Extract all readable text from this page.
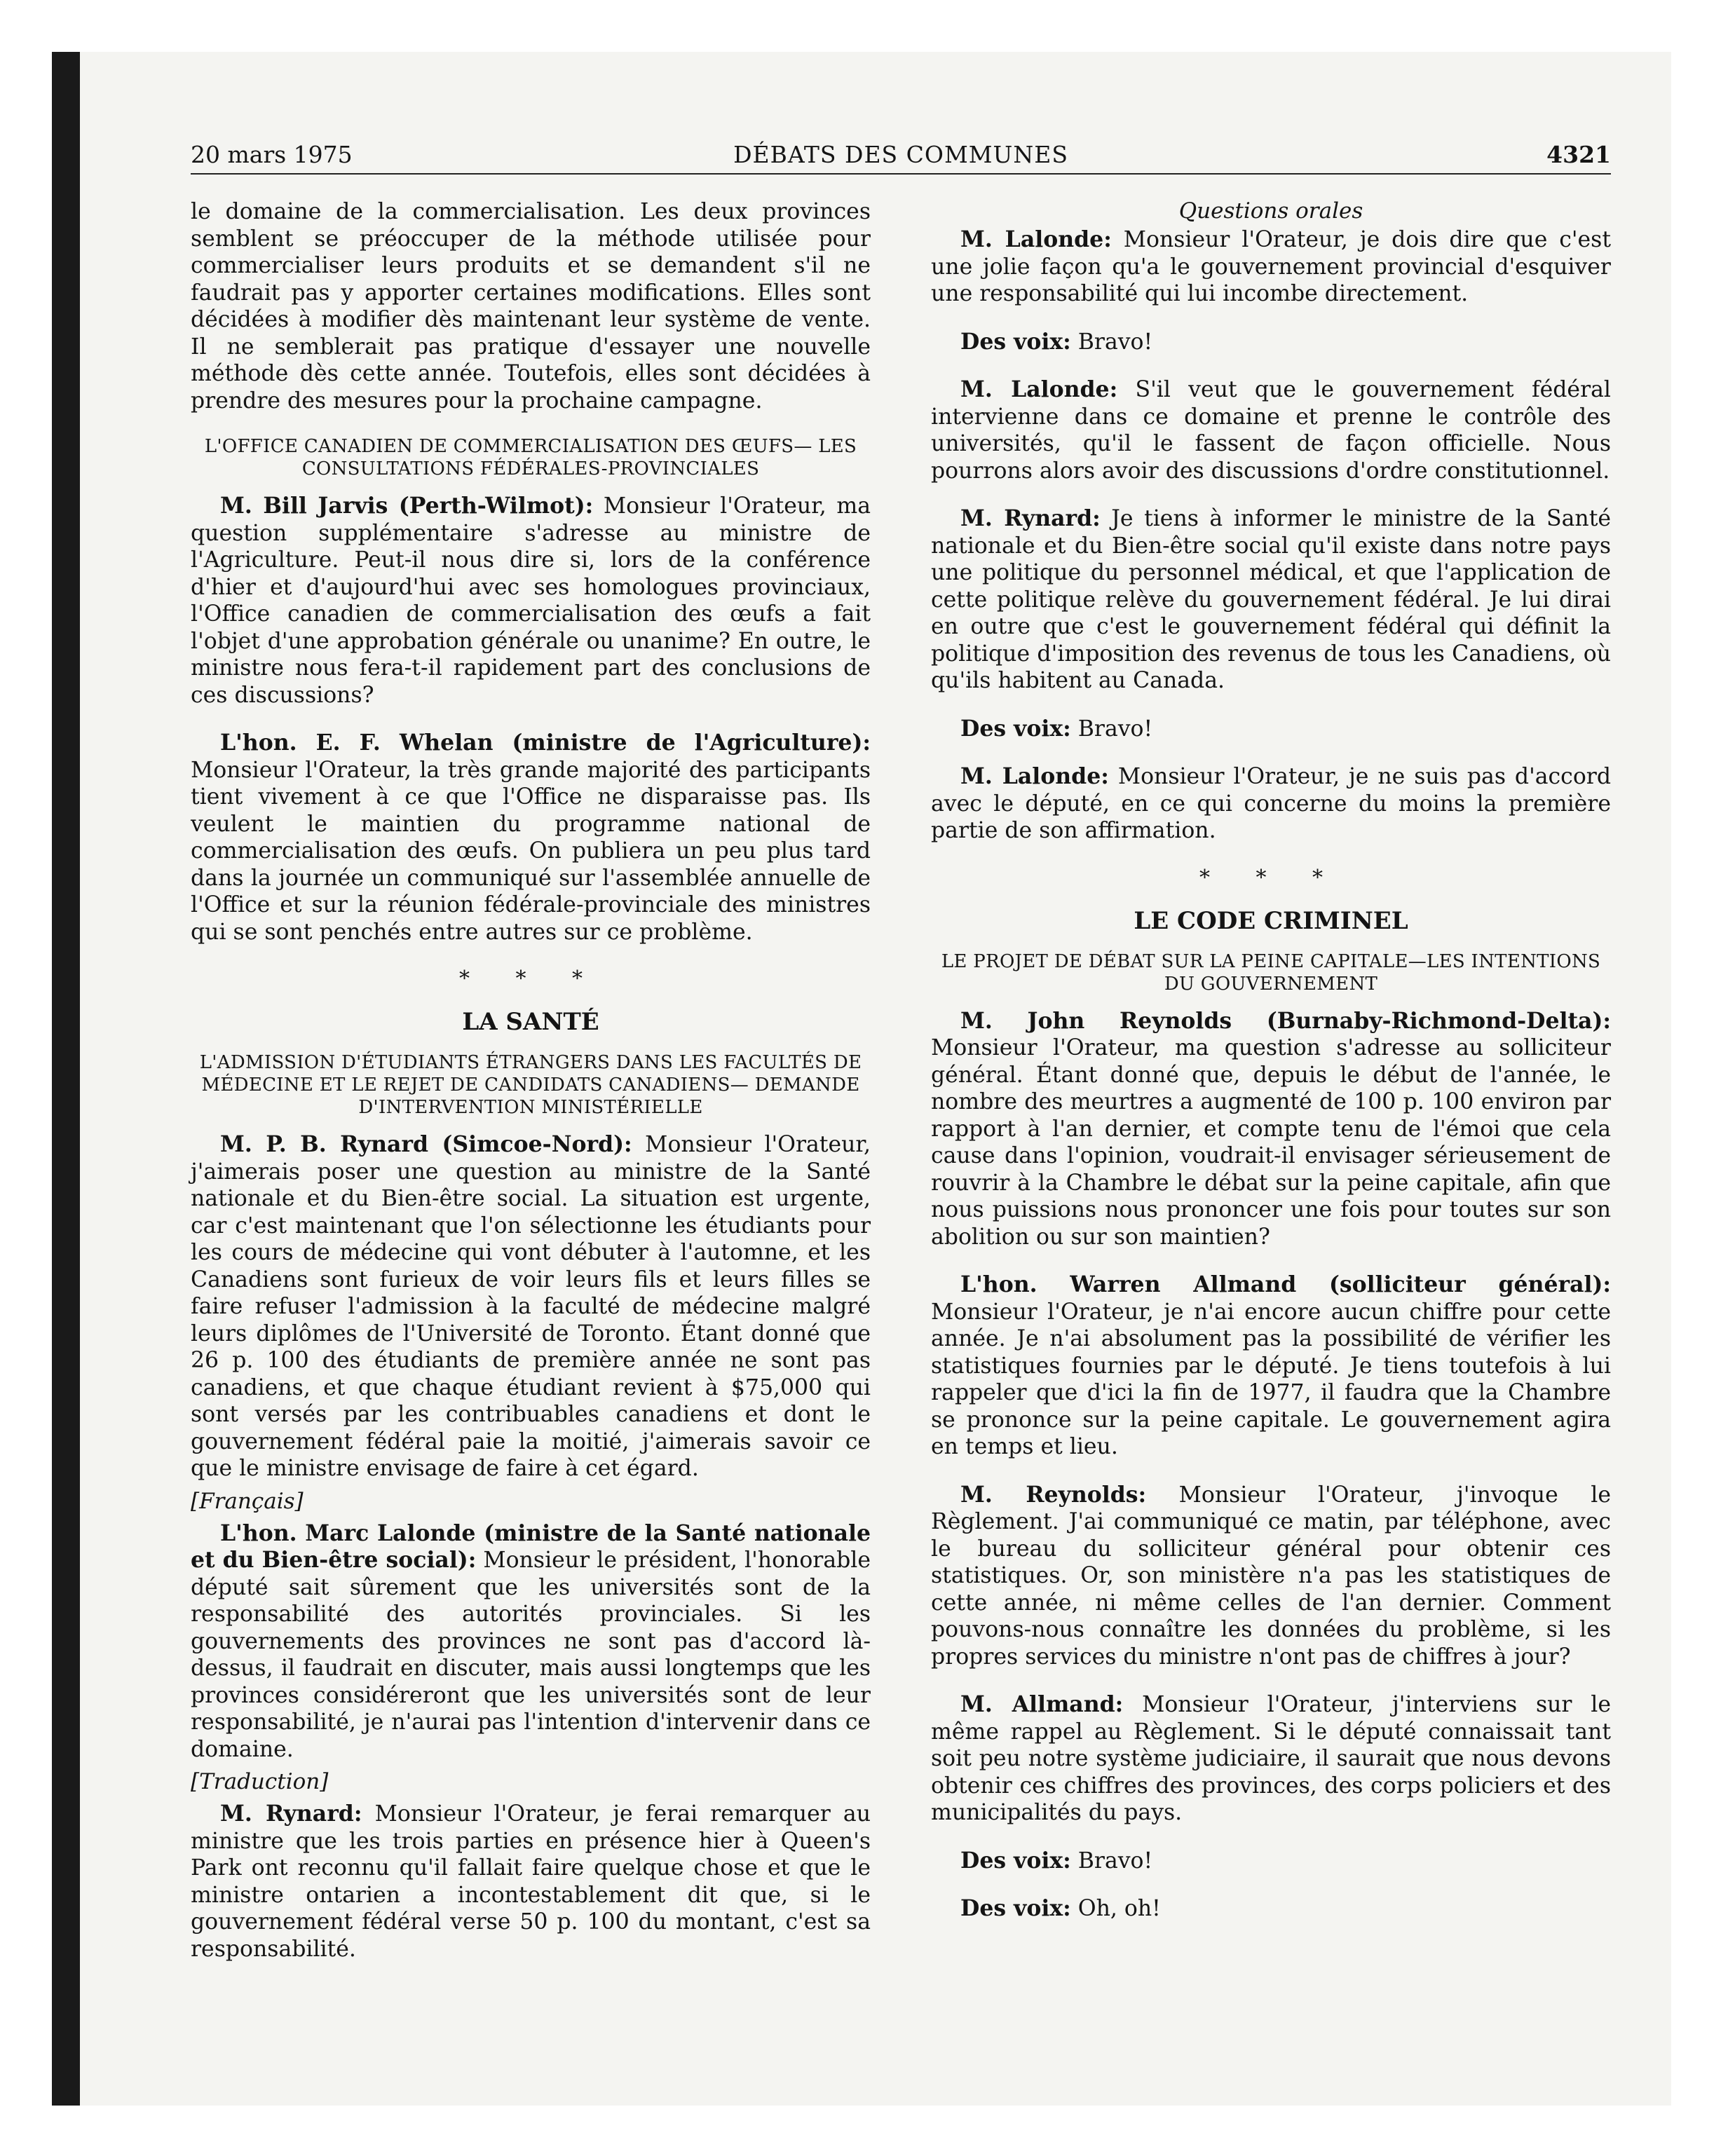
20 mars 1975	DÉBATS DES COMMUNES	4321

le domaine de la commercialisation. Les deux provinces semblent se préoccuper de la méthode utilisée pour commercialiser leurs produits et se demandent s'il ne faudrait pas y apporter certaines modifications. Elles sont décidées à modifier dès maintenant leur système de vente. Il ne semblerait pas pratique d'essayer une nouvelle méthode dès cette année. Toutefois, elles sont décidées à prendre des mesures pour la prochaine campagne.

L'OFFICE CANADIEN DE COMMERCIALISATION DES ŒUFS— LES CONSULTATIONS FÉDÉRALES-PROVINCIALES

M. Bill Jarvis (Perth-Wilmot): Monsieur l'Orateur, ma question supplémentaire s'adresse au ministre de l'Agriculture. Peut-il nous dire si, lors de la conférence d'hier et d'aujourd'hui avec ses homologues provinciaux, l'Office canadien de commercialisation des œufs a fait l'objet d'une approbation générale ou unanime? En outre, le ministre nous fera-t-il rapidement part des conclusions de ces discussions?

L'hon. E. F. Whelan (ministre de l'Agriculture): Monsieur l'Orateur, la très grande majorité des participants tient vivement à ce que l'Office ne disparaisse pas. Ils veulent le maintien du programme national de commercialisation des œufs. On publiera un peu plus tard dans la journée un communiqué sur l'assemblée annuelle de l'Office et sur la réunion fédérale-provinciale des ministres qui se sont penchés entre autres sur ce problème.

* * *
LA SANTÉ
L'ADMISSION D'ÉTUDIANTS ÉTRANGERS DANS LES FACULTÉS DE MÉDECINE ET LE REJET DE CANDIDATS CANADIENS— DEMANDE D'INTERVENTION MINISTÉRIELLE

M. P. B. Rynard (Simcoe-Nord): Monsieur l'Orateur, j'aimerais poser une question au ministre de la Santé nationale et du Bien-être social. La situation est urgente, car c'est maintenant que l'on sélectionne les étudiants pour les cours de médecine qui vont débuter à l'automne, et les Canadiens sont furieux de voir leurs fils et leurs filles se faire refuser l'admission à la faculté de médecine malgré leurs diplômes de l'Université de Toronto. Étant donné que 26 p. 100 des étudiants de première année ne sont pas canadiens, et que chaque étudiant revient à $75,000 qui sont versés par les contribuables canadiens et dont le gouvernement fédéral paie la moitié, j'aimerais savoir ce que le ministre envisage de faire à cet égard.

[Français]

L'hon. Marc Lalonde (ministre de la Santé nationale et du Bien-être social): Monsieur le président, l'honorable député sait sûrement que les universités sont de la responsabilité des autorités provinciales. Si les gouvernements des provinces ne sont pas d'accord là-dessus, il faudrait en discuter, mais aussi longtemps que les provinces considéreront que les universités sont de leur responsabilité, je n'aurai pas l'intention d'intervenir dans ce domaine.

[Traduction]

M. Rynard: Monsieur l'Orateur, je ferai remarquer au ministre que les trois parties en présence hier à Queen's Park ont reconnu qu'il fallait faire quelque chose et que le ministre ontarien a incontestablement dit que, si le gouvernement fédéral verse 50 p. 100 du montant, c'est sa responsabilité.

Questions orales

M. Lalonde: Monsieur l'Orateur, je dois dire que c'est une jolie façon qu'a le gouvernement provincial d'esquiver une responsabilité qui lui incombe directement.

Des voix: Bravo!

M. Lalonde: S'il veut que le gouvernement fédéral intervienne dans ce domaine et prenne le contrôle des universités, qu'il le fassent de façon officielle. Nous pourrons alors avoir des discussions d'ordre constitutionnel.

M. Rynard: Je tiens à informer le ministre de la Santé nationale et du Bien-être social qu'il existe dans notre pays une politique du personnel médical, et que l'application de cette politique relève du gouvernement fédéral. Je lui dirai en outre que c'est le gouvernement fédéral qui définit la politique d'imposition des revenus de tous les Canadiens, où qu'ils habitent au Canada.

Des voix: Bravo!

M. Lalonde: Monsieur l'Orateur, je ne suis pas d'accord avec le député, en ce qui concerne du moins la première partie de son affirmation.

* * *
LE CODE CRIMINEL
LE PROJET DE DÉBAT SUR LA PEINE CAPITALE—LES INTENTIONS DU GOUVERNEMENT

M. John Reynolds (Burnaby-Richmond-Delta): Monsieur l'Orateur, ma question s'adresse au solliciteur général. Étant donné que, depuis le début de l'année, le nombre des meurtres a augmenté de 100 p. 100 environ par rapport à l'an dernier, et compte tenu de l'émoi que cela cause dans l'opinion, voudrait-il envisager sérieusement de rouvrir à la Chambre le débat sur la peine capitale, afin que nous puissions nous prononcer une fois pour toutes sur son abolition ou sur son maintien?

L'hon. Warren Allmand (solliciteur général): Monsieur l'Orateur, je n'ai encore aucun chiffre pour cette année. Je n'ai absolument pas la possibilité de vérifier les statistiques fournies par le député. Je tiens toutefois à lui rappeler que d'ici la fin de 1977, il faudra que la Chambre se prononce sur la peine capitale. Le gouvernement agira en temps et lieu.

M. Reynolds: Monsieur l'Orateur, j'invoque le Règlement. J'ai communiqué ce matin, par téléphone, avec le bureau du solliciteur général pour obtenir ces statistiques. Or, son ministère n'a pas les statistiques de cette année, ni même celles de l'an dernier. Comment pouvons-nous connaître les données du problème, si les propres services du ministre n'ont pas de chiffres à jour?

M. Allmand: Monsieur l'Orateur, j'interviens sur le même rappel au Règlement. Si le député connaissait tant soit peu notre système judiciaire, il saurait que nous devons obtenir ces chiffres des provinces, des corps policiers et des municipalités du pays.

Des voix: Bravo!

Des voix: Oh, oh!
